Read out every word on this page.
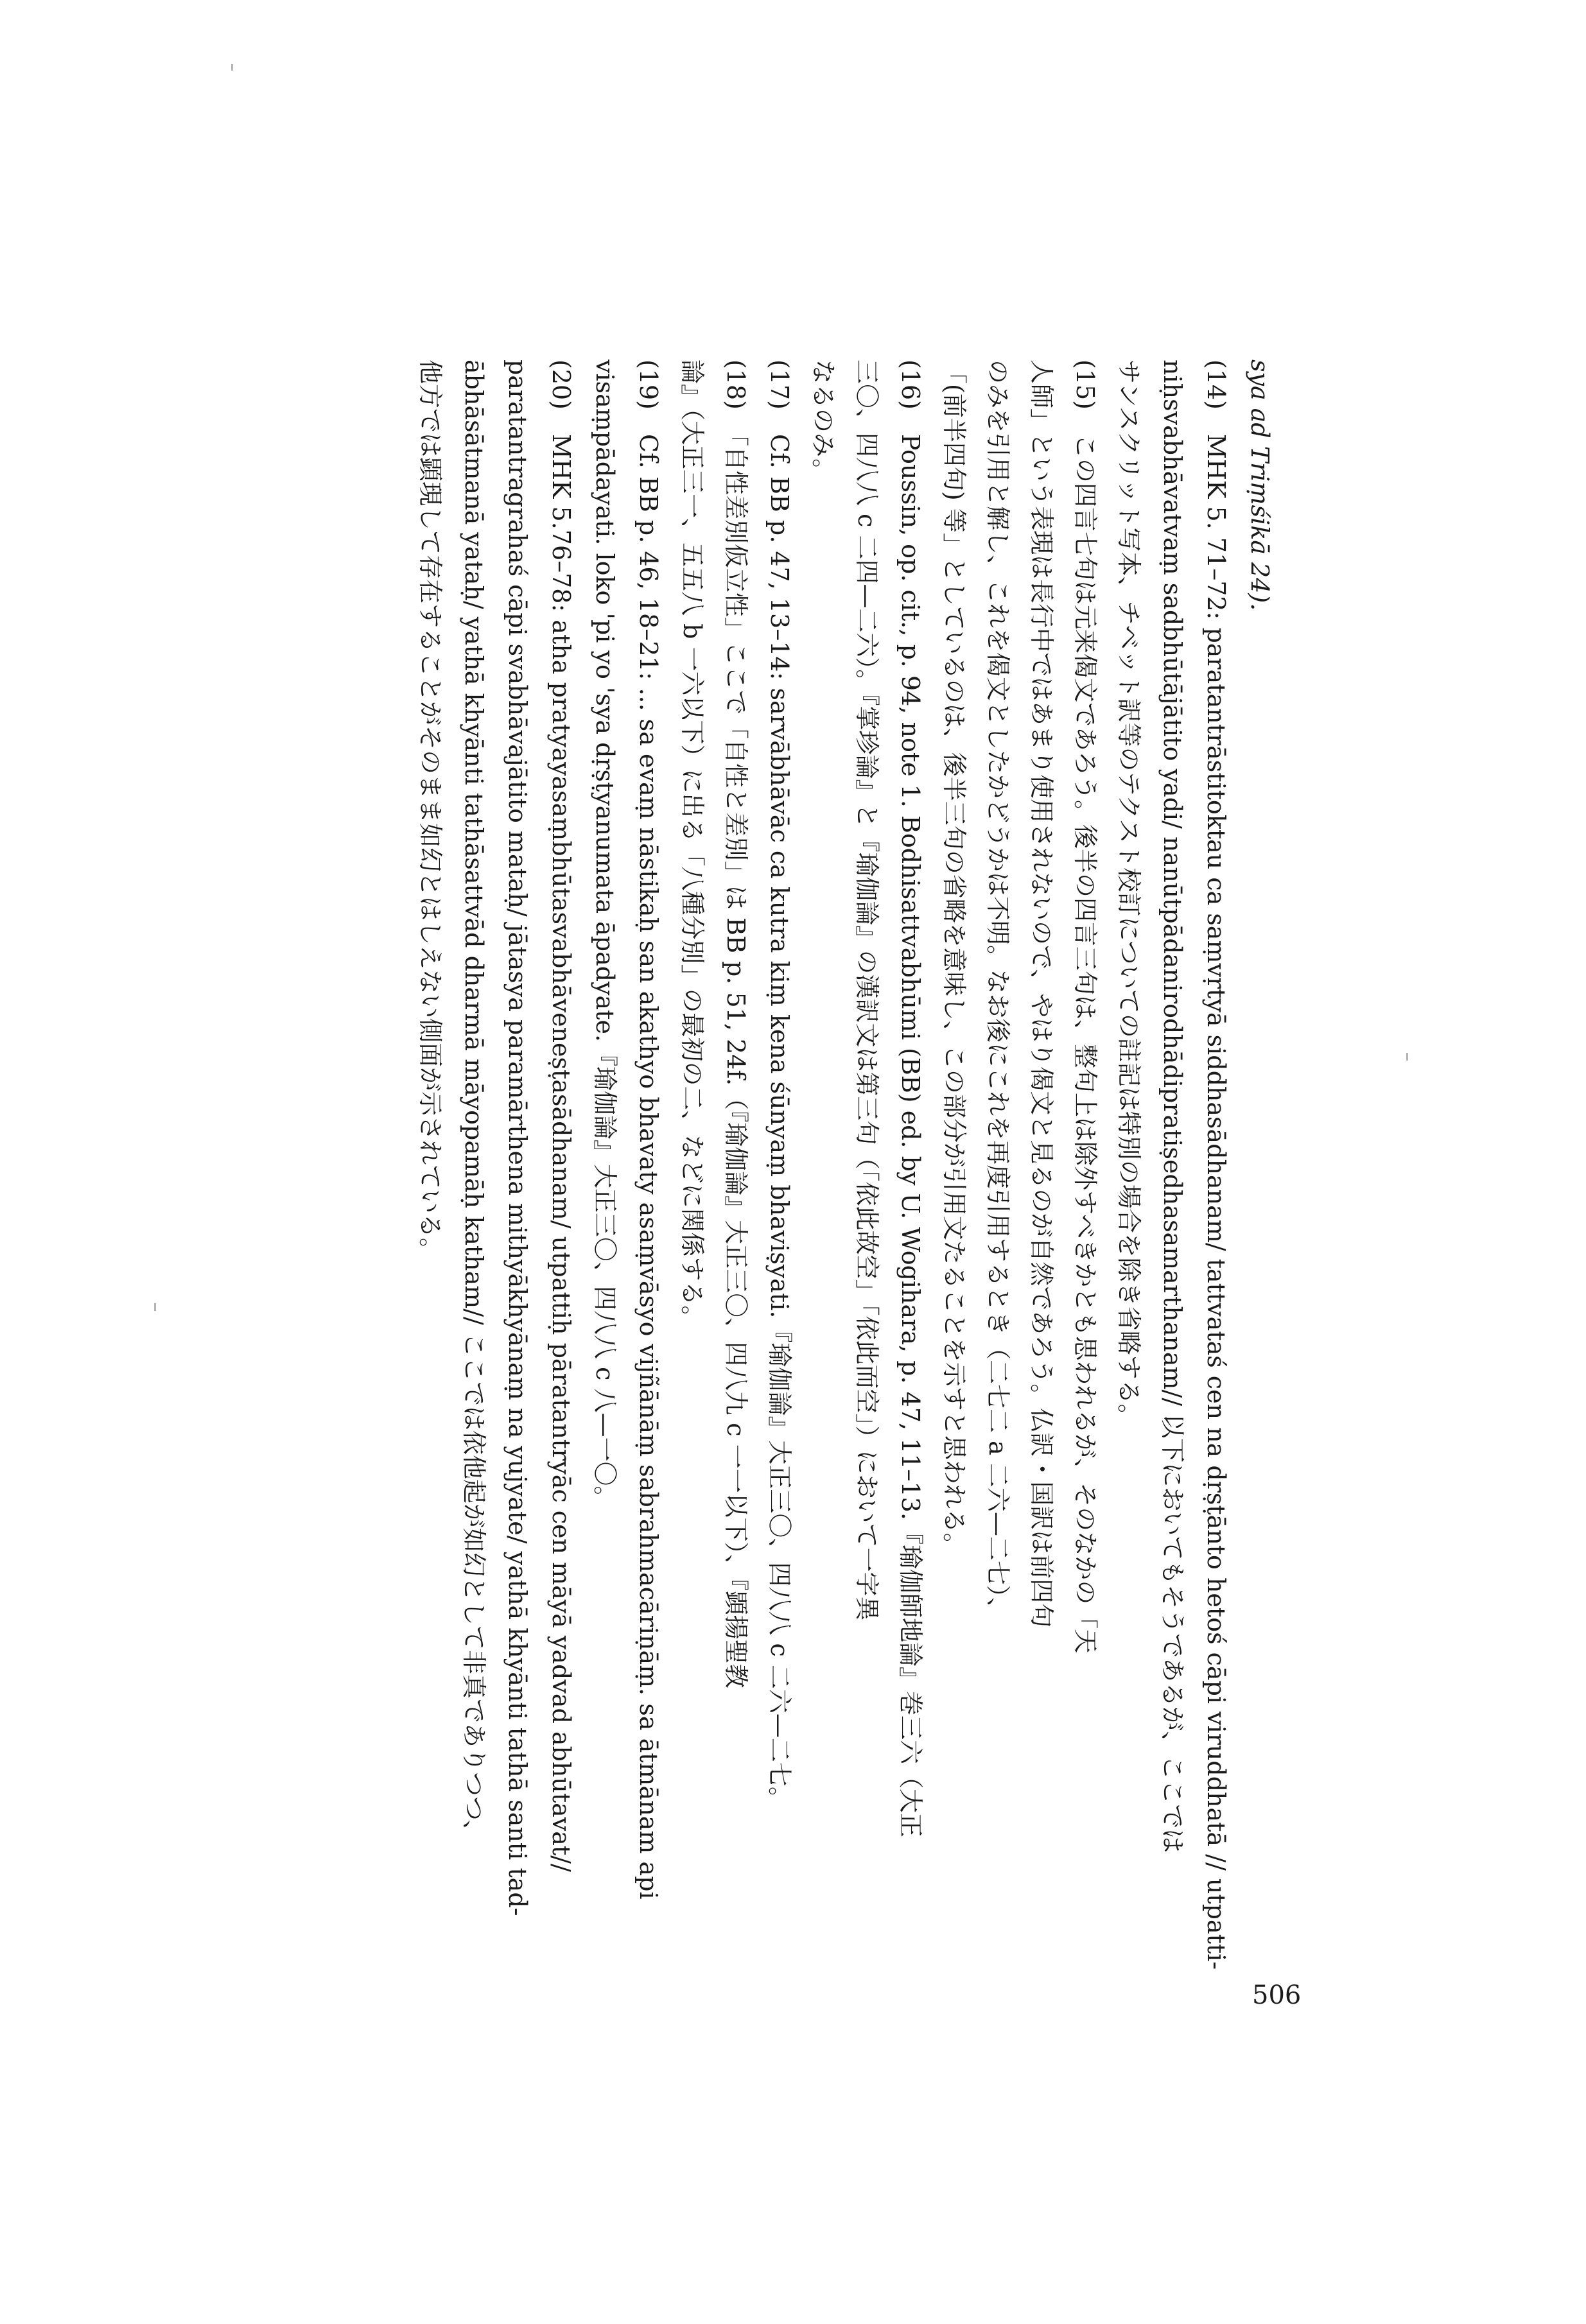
sya ad Triṃśikā 24).
(14)　MHK 5. 71–72: paratantrāstitoktau ca saṃvṛtyā siddhasādhanam/ tattvataś cen na dṛṣṭānto hetoś cāpi viruddhatā // utpatti-
niḥsvabhāvatvaṃ sadbhūtājātito yadi/ nanūtpādanirodhādipratiṣedhasamarthanam// 以下においてもそうであるが、ここでは
サンスクリット写本、チベット訳等のテクスト校訂についての註記は特別の場合を除き省略する。
(15)　この四言七句は元来偈文であろう。後半の四言三句は、整句上は除外すべきかとも思われるが、そのなかの「天
人師」という表現は長行中ではあまり使用されないので、やはり偈文と見るのが自然であろう。仏訳・国訳は前四句
のみを引用と解し、これを偈文としたかどうかは不明。なお後にこれを再度引用するとき（二七二 a 二六—二七）、
「(前半四句) 等」としているのは、後半三句の省略を意味し、この部分が引用文たることを示すと思われる。
(16)　Poussin, op. cit., p. 94, note 1. Bodhisattvabhūmi (BB) ed. by U. Wogihara, p. 47, 11–13.『瑜伽師地論』巻三六（大正
三〇、四八八 c 二四—二六）。『掌珍論』と『瑜伽論』の漢訳文は第三句（「依此故空」「依此而空」）において一字異
なるのみ。
(17)　Cf. BB p. 47, 13–14: sarvābhāvāc ca kutra kiṃ kena śūnyaṃ bhaviṣyati.『瑜伽論』大正三〇、四八八 c 二六—二七。
(18)　「自性差別仮立性」ここで「自性と差別」は BB p. 51, 24f.（『瑜伽論』大正三〇、四八九 c 一一以下）、『顕揚聖教
論』（大正三一、五五八 b 一六以下）に出る「八種分別」の最初の二、などに関係する。
(19)　Cf. BB p. 46, 18–21: ... sa evaṃ nāstikaḥ san akathyo bhavaty asaṃvāsyo vijñānāṃ sabrahmacāriṇāṃ. sa ātmānam api
visaṃpādayati. loko 'pi yo 'sya dṛṣṭyanumata āpadyate.『瑜伽論』大正三〇、四八八 c 八—一〇。
(20)　MHK 5.76–78: atha pratyayasaṃbhūtasvabhāveneṣṭasādhanam/ utpattiḥ pāratantryāc cen māyā yadvad abhūtavat//
paratantragrahaś cāpi svabhāvajātito mataḥ/ jātasya paramārthena mithyākhyānaṃ na yujyate/ yathā khyānti tathā santi tad-
ābhāsātmanā yataḥ/ yathā khyānti tathāsattvād dharmā māyopamāḥ katham// ここでは依他起が如幻として非真でありつつ、
他方では顕現して存在することがそのまま如幻とはしえない側面が示されている。
506
